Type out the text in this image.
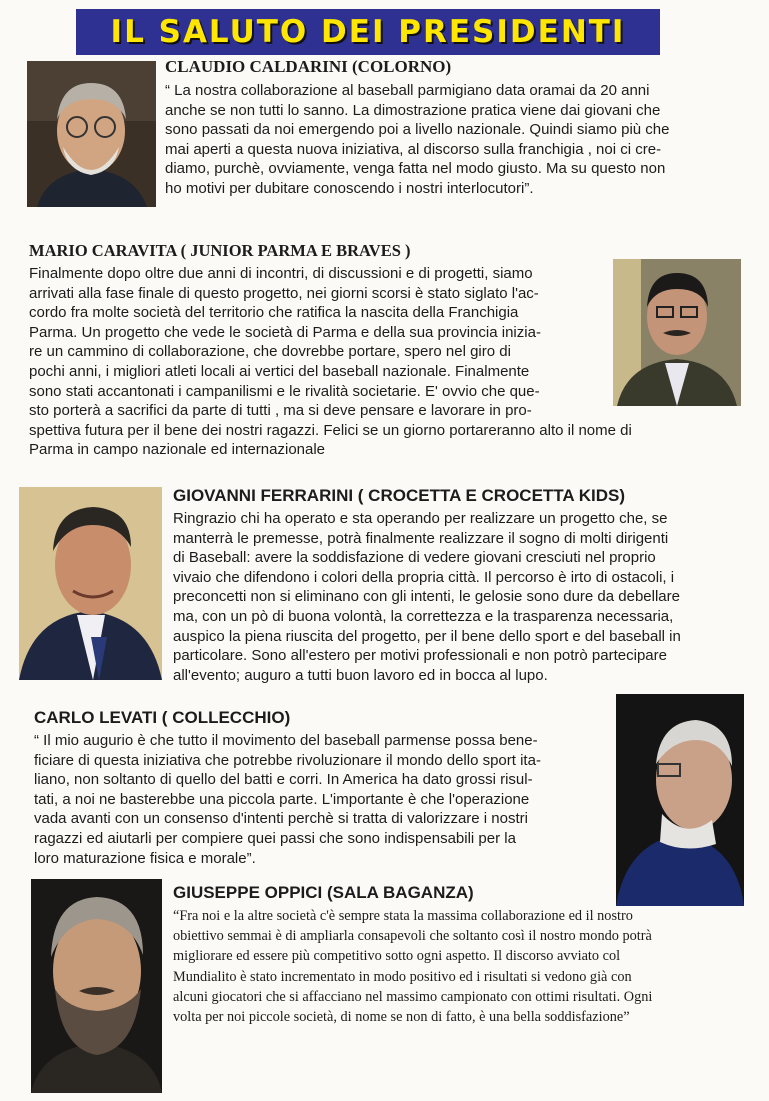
IL SALUTO DEI PRESIDENTI
CLAUDIO CALDARINI (COLORNO)
“ La nostra collaborazione al baseball parmigiano data oramai da 20 anni
anche se non tutti lo sanno. La dimostrazione pratica viene dai giovani che
sono passati da noi emergendo poi a livello nazionale. Quindi siamo più che
mai aperti a questa nuova iniziativa, al discorso sulla franchigia , noi ci cre-
diamo, purchè, ovviamente, venga fatta nel modo giusto. Ma su questo non
ho motivi per dubitare conoscendo i nostri interlocutori”.
MARIO CARAVITA ( JUNIOR PARMA E BRAVES )
Finalmente dopo oltre due anni di incontri, di discussioni e di progetti, siamo
arrivati alla fase finale di questo progetto, nei giorni scorsi è stato siglato l'ac-
cordo fra molte società del territorio che ratifica la nascita della Franchigia
Parma. Un progetto che vede le società di Parma e della sua provincia inizia-
re un cammino di collaborazione, che dovrebbe portare, spero nel giro di
pochi anni, i migliori atleti locali ai vertici del baseball nazionale. Finalmente
sono stati accantonati i campanilismi e le rivalità societarie. E' ovvio che que-
sto porterà a sacrifici da parte di tutti , ma si deve pensare e lavorare in pro-
spettiva futura per il bene dei nostri ragazzi. Felici se un giorno portareranno alto il nome di
Parma in campo nazionale ed internazionale
GIOVANNI FERRARINI ( CROCETTA E CROCETTA KIDS)
Ringrazio chi ha operato e sta operando per realizzare un progetto che, se
manterrà le premesse, potrà finalmente realizzare il sogno di molti dirigenti
di Baseball: avere la soddisfazione di vedere giovani cresciuti nel proprio
vivaio che difendono i colori della propria città. Il percorso è irto di ostacoli, i
preconcetti non si eliminano con gli intenti, le gelosie sono dure da debellare
ma, con un pò di buona volontà, la correttezza e la trasparenza necessaria,
auspico la piena riuscita del progetto, per il bene dello sport e del baseball in
particolare. Sono all'estero per motivi professionali e non potrò partecipare
all'evento; auguro a tutti buon lavoro ed in bocca al lupo.
CARLO LEVATI ( COLLECCHIO)
“ Il mio augurio è che tutto il movimento del baseball parmense possa bene-
ficiare di questa iniziativa che potrebbe rivoluzionare il mondo dello sport ita-
liano, non soltanto di quello del batti e corri. In America ha dato grossi risul-
tati, a noi ne basterebbe una piccola parte. L'importante è che l'operazione
vada avanti con un consenso d'intenti perchè si tratta di valorizzare i nostri
ragazzi ed aiutarli per compiere quei passi che sono indispensabili per la
loro maturazione fisica e morale”.
GIUSEPPE OPPICI (SALA BAGANZA)
“Fra noi e la altre società c'è sempre stata la massima collaborazione ed il nostro
obiettivo semmai è di ampliarla consapevoli che soltanto così il nostro mondo potrà
migliorare ed essere più competitivo sotto ogni aspetto. Il discorso avviato col
Mundialito è stato incrementato in modo positivo ed i risultati si vedono già con
alcuni giocatori che si affacciano nel massimo campionato con ottimi risultati. Ogni
volta per noi piccole società, di nome se non di fatto, è una bella soddisfazione”
